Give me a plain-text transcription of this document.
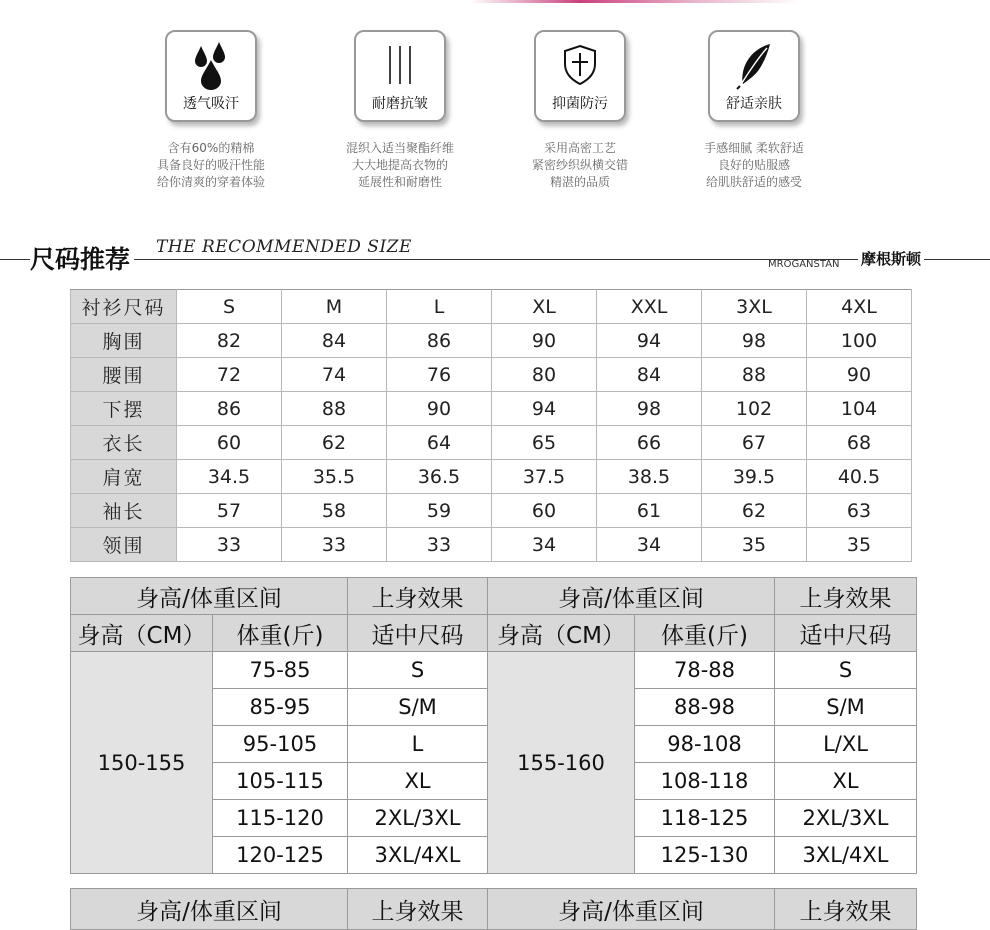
透气吸汗
含有60%的精棉
具备良好的吸汗性能
给你清爽的穿着体验
耐磨抗皱
混织入适当聚酯纤维
大大地提高衣物的
延展性和耐磨性
抑菌防污
采用高密工艺
紧密纱织纵横交错
精湛的品质
舒适亲肤
手感细腻 柔软舒适
良好的贴服感
给肌肤舒适的感受
尺码推荐 THE RECOMMENDED SIZE
MROGANSTAN 摩根斯顿
衬衫尺码	S	M	L	XL	XXL	3XL	4XL
胸围	82	84	86	90	94	98	100
腰围	72	74	76	80	84	88	90
下摆	86	88	90	94	98	102	104
衣长	60	62	64	65	66	67	68
肩宽	34.5	35.5	36.5	37.5	38.5	39.5	40.5
袖长	57	58	59	60	61	62	63
领围	33	33	33	34	34	35	35
身高/体重区间		上身效果	身高/体重区间		上身效果
身高（CM）	体重(斤)	适中尺码	身高（CM）	体重(斤)	适中尺码
150-155	75-85	S	155-160	78-88	S
	85-95	S/M		88-98	S/M
	95-105	L		98-108	L/XL
	105-115	XL		108-118	XL
	115-120	2XL/3XL		118-125	2XL/3XL
	120-125	3XL/4XL		125-130	3XL/4XL
身高/体重区间	上身效果	身高/体重区间	上身效果
